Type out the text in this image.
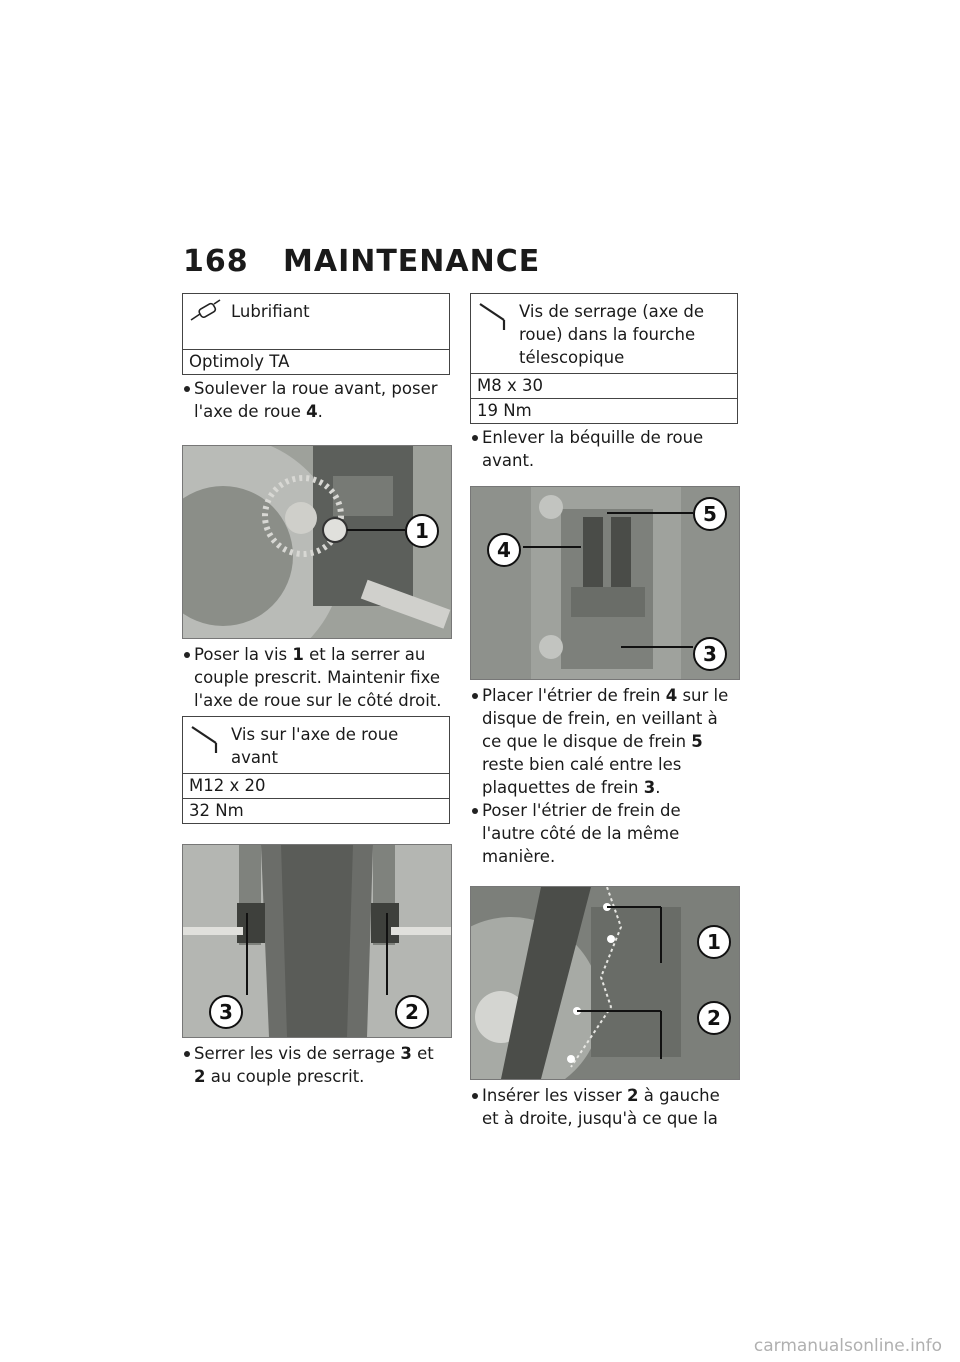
168	MAINTENANCE
Lubrifiant
Optimoly TA
Soulever la roue avant, poser l'axe de roue 4.
1
Poser la vis 1 et la serrer au couple prescrit. Maintenir fixe l'axe de roue sur le côté droit.
Vis sur l'axe de roue avant
M12 x 20
32 Nm
3	2
Serrer les vis de serrage 3 et 2 au couple prescrit.
Vis de serrage (axe de roue) dans la fourche télescopique
M8 x 30
19 Nm
Enlever la béquille de roue avant.
4
5
3
Placer l'étrier de frein 4 sur le disque de frein, en veillant à ce que le disque de frein 5 reste bien calé entre les plaquettes de frein 3.
Poser l'étrier de frein de l'autre côté de la même manière.
1
2
Insérer les visser 2 à gauche et à droite, jusqu'à ce que la
carmanualsonline.info
